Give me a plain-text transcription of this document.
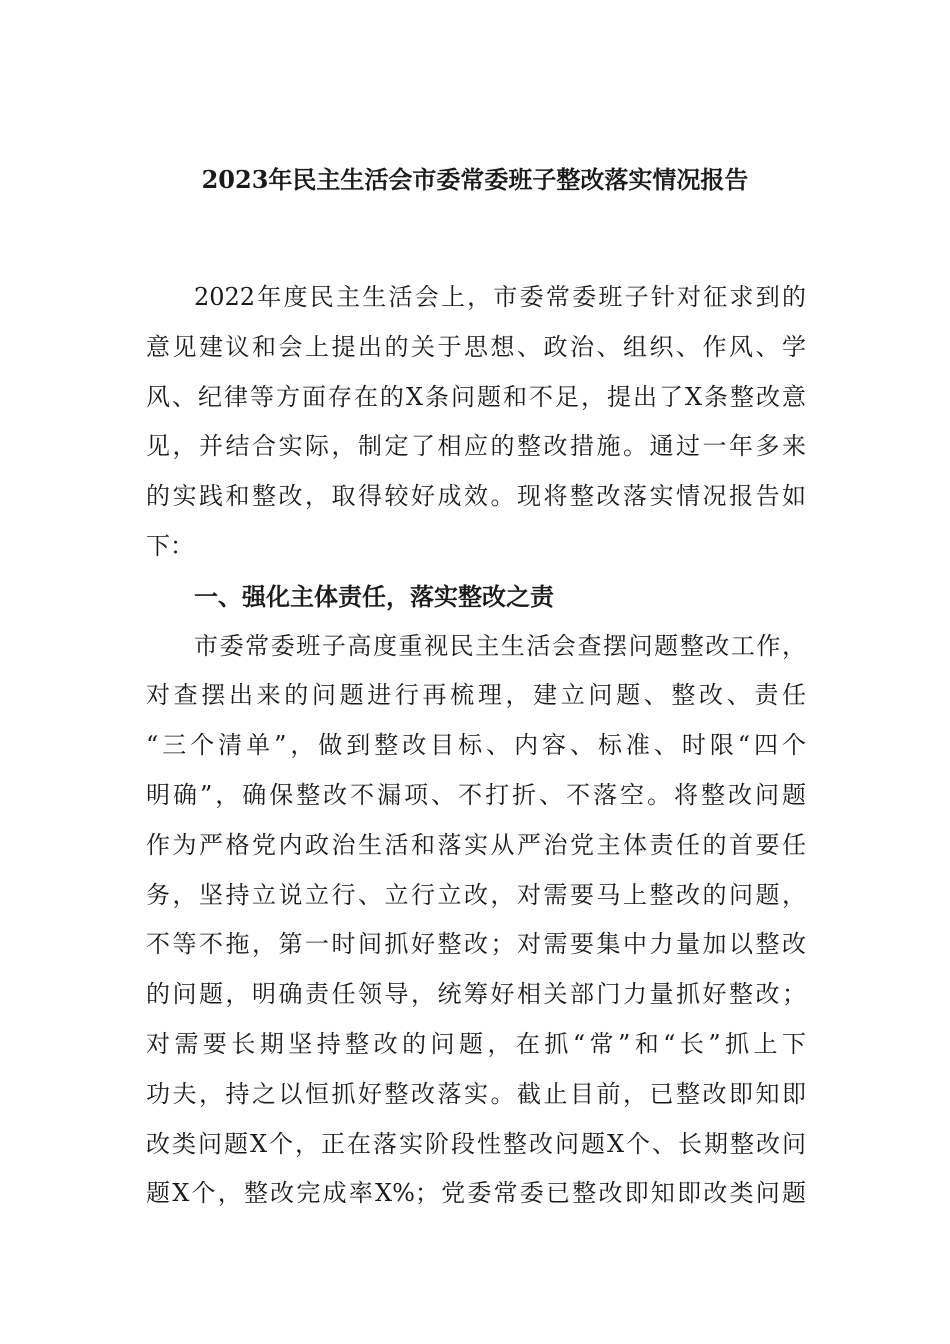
2023年民主生活会市委常委班子整改落实情况报告
2022年度民主生活会上，市委常委班子针对征求到的
意见建议和会上提出的关于思想、政治、组织、作风、学
风、纪律等方面存在的X条问题和不足，提出了X条整改意
见，并结合实际，制定了相应的整改措施。通过一年多来
的实践和整改，取得较好成效。现将整改落实情况报告如
下：
一、强化主体责任，落实整改之责
市委常委班子高度重视民主生活会查摆问题整改工作，
对查摆出来的问题进行再梳理，建立问题、整改、责任
“三个清单”，做到整改目标、内容、标准、时限“四个
明确”，确保整改不漏项、不打折、不落空。将整改问题
作为严格党内政治生活和落实从严治党主体责任的首要任
务，坚持立说立行、立行立改，对需要马上整改的问题，
不等不拖，第一时间抓好整改；对需要集中力量加以整改
的问题，明确责任领导，统筹好相关部门力量抓好整改；
对需要长期坚持整改的问题，在抓“常”和“长”抓上下
功夫，持之以恒抓好整改落实。截止目前，已整改即知即
改类问题X个，正在落实阶段性整改问题X个、长期整改问
题X个，整改完成率X%；党委常委已整改即知即改类问题
